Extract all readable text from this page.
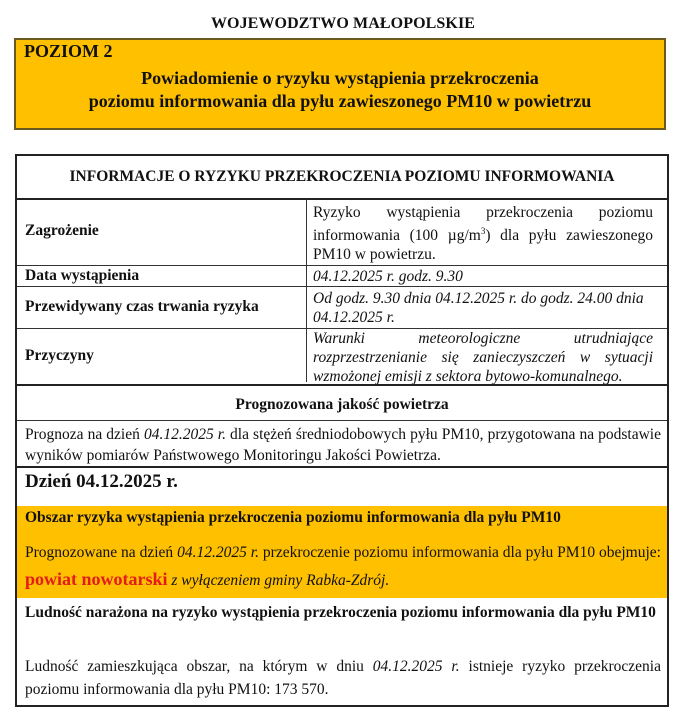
WOJEWODZTWO MAŁOPOLSKIE
POZIOM 2
Powiadomienie o ryzyku wystąpienia przekroczenia
poziomu informowania dla pyłu zawieszonego PM10 w powietrzu
INFORMACJE O RYZYKU PRZEKROCZENIA POZIOMU INFORMOWANIA
Zagrożenie
Ryzyko wystąpienia przekroczenia poziomu informowania (100 $\mu g/m^3$) dla pyłu zawieszonego PM10 w powietrzu.
Data wystąpienia	04.12.2025 r. godz. 9.30
Przewidywany czas trwania ryzyka	Od godz. 9.30 dnia 04.12.2025 r. do godz. 24.00 dnia 04.12.2025 r.
Przyczyny
Warunki meteorologiczne utrudniające rozprzestrzenianie się zanieczyszczeń w sytuacji wzmożonej emisji z sektora bytowo-komunalnego.
Prognozowana jakość powietrza
Prognoza na dzień 04.12.2025 r. dla stężeń średniodobowych pyłu PM10, przygotowana na podstawie wyników pomiarów Państwowego Monitoringu Jakości Powietrza.
Dzień 04.12.2025 r.
Obszar ryzyka wystąpienia przekroczenia poziomu informowania dla pyłu PM10
Prognozowane na dzień 04.12.2025 r. przekroczenie poziomu informowania dla pyłu PM10 obejmuje: powiat nowotarski z wyłączeniem gminy Rabka-Zdrój.
Ludność narażona na ryzyko wystąpienia przekroczenia poziomu informowania dla pyłu PM10
Ludność zamieszkująca obszar, na którym w dniu 04.12.2025 r. istnieje ryzyko przekroczenia poziomu informowania dla pyłu PM10: 173 570.
